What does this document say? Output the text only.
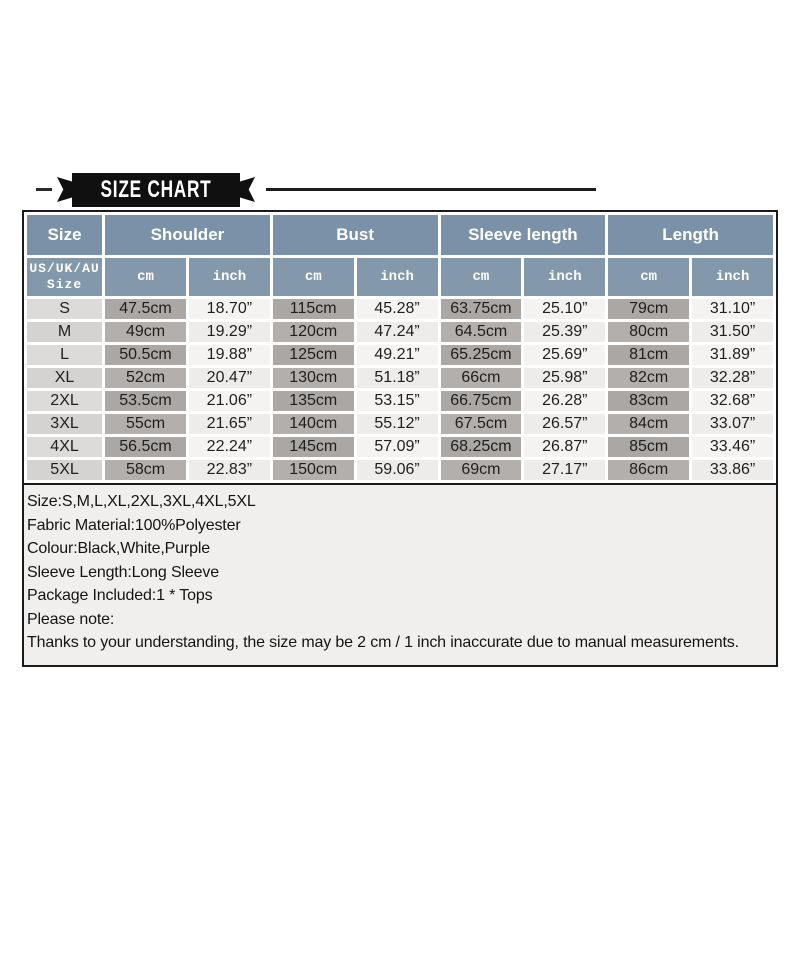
SIZE CHART
Size	Shoulder		Bust		Sleeve length		Length	

US/UK/AU
Size	cm	inch	cm	inch	cm	inch	cm	inch
S	47.5cm	18.70”	115cm	45.28”	63.75cm	25.10”	79cm	31.10”
M	49cm	19.29”	120cm	47.24”	64.5cm	25.39”	80cm	31.50”
L	50.5cm	19.88”	125cm	49.21”	65.25cm	25.69”	81cm	31.89”
XL	52cm	20.47”	130cm	51.18”	66cm	25.98”	82cm	32.28”
2XL	53.5cm	21.06”	135cm	53.15”	66.75cm	26.28”	83cm	32.68”
3XL	55cm	21.65”	140cm	55.12”	67.5cm	26.57”	84cm	33.07”
4XL	56.5cm	22.24”	145cm	57.09”	68.25cm	26.87”	85cm	33.46”
5XL	58cm	22.83”	150cm	59.06”	69cm	27.17”	86cm	33.86”
Size:S,M,L,XL,2XL,3XL,4XL,5XL
Fabric Material:100%Polyester
Colour:Black,White,Purple
Sleeve Length:Long Sleeve
Package Included:1 * Tops
Please note:
Thanks to your understanding, the size may be 2 cm / 1 inch inaccurate due to manual measurements.
